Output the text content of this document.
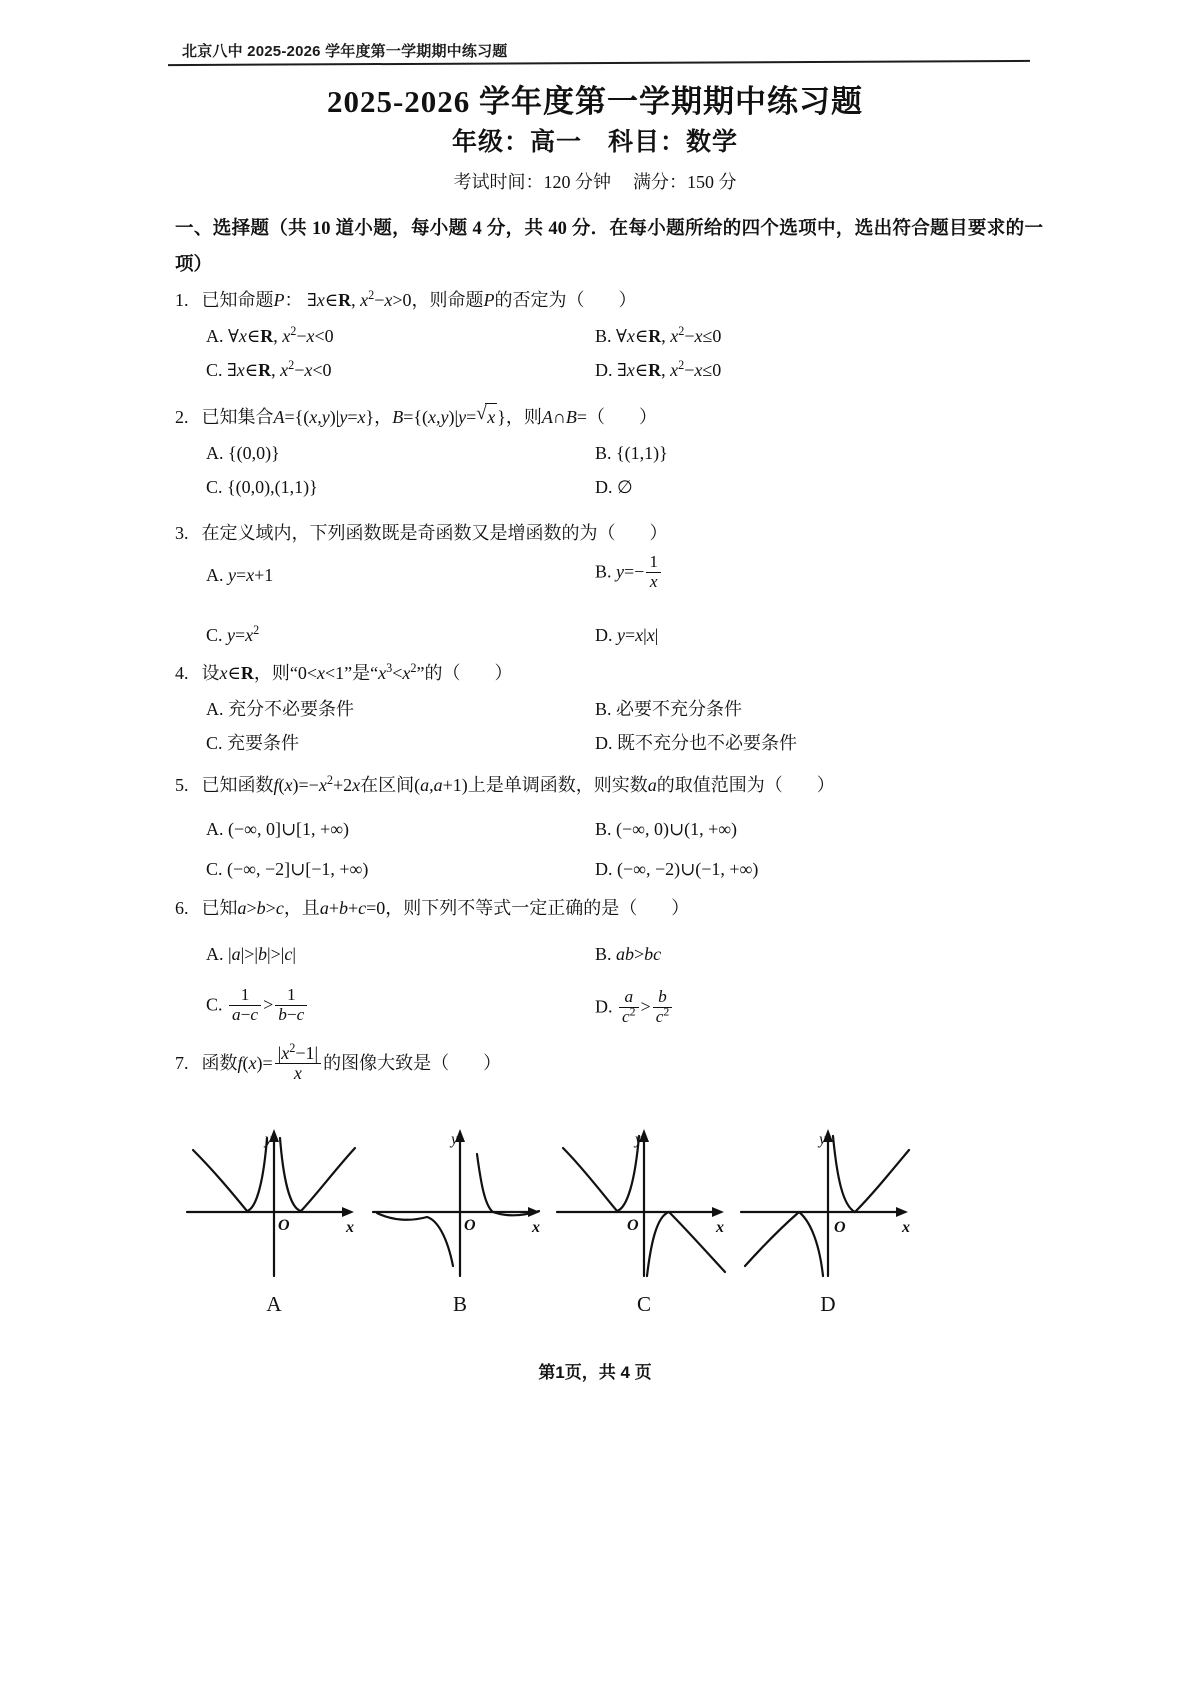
北京八中 2025-2026 学年度第一学期期中练习题
2025-2026 学年度第一学期期中练习题
年级：高一 科目：数学
考试时间：120 分钟 满分：150 分
一、选择题（共 10 道小题，每小题 4 分，共 40 分．在每小题所给的四个选项中，选出符合题目要求的一项）
1. 已知命题P： ∃x∈R, $x^2-x>0$，则命题P的否定为（ ）
A. ∀x∈R, $x^2-x<0$	B. ∀x∈R, $x^2-x\le 0$
C. ∃x∈R, $x^2-x<0$	D. ∃x∈R, $x^2-x\le 0$
2. 已知集合A={(x,y)|y=x}，B={(x,y)|y= √ x }，则A∩B=（ ）
A. {(0,0)}	B. {(1,1)}
C. {(0,0),(1,1)}	D. ∅
3. 在定义域内，下列函数既是奇函数又是增函数的为（ ）
A. y=x+1	B. $y=- \frac{1}{x}$
C. $y=x^2$	D. y=x|x|
4. 设x∈R，则“0<x<1”是“$x^3<x^2$”的（ ）
A. 充分不必要条件	B. 必要不充分条件
C. 充要条件	D. 既不充分也不必要条件
5. 已知函数$f(x)=-x^2+2x$在区间(a,a+1)上是单调函数，则实数a的取值范围为（ ）
A. (−∞, 0]∪[1, +∞)	B. (−∞, 0)∪(1, +∞)
C. (−∞, −2]∪[−1, +∞)	D. (−∞, −2)∪(−1, +∞)
6. 已知a>b>c，且a+b+c=0，则下列不等式一定正确的是（ ）
A. |a|>|b|>|c|	B. ab>bc
C. $\frac{1}{a-c} > \frac{1}{b-c}$	D. $\frac{a}{c^2} > \frac{b}{c^2}$
7. 函数$f(x)= \frac{|x^2-1|}{x}$ 的图像大致是（ ）
y
O	x
A
y
O	x
B
y
O	x
C
y
O	x
D
第1页，共 4 页
